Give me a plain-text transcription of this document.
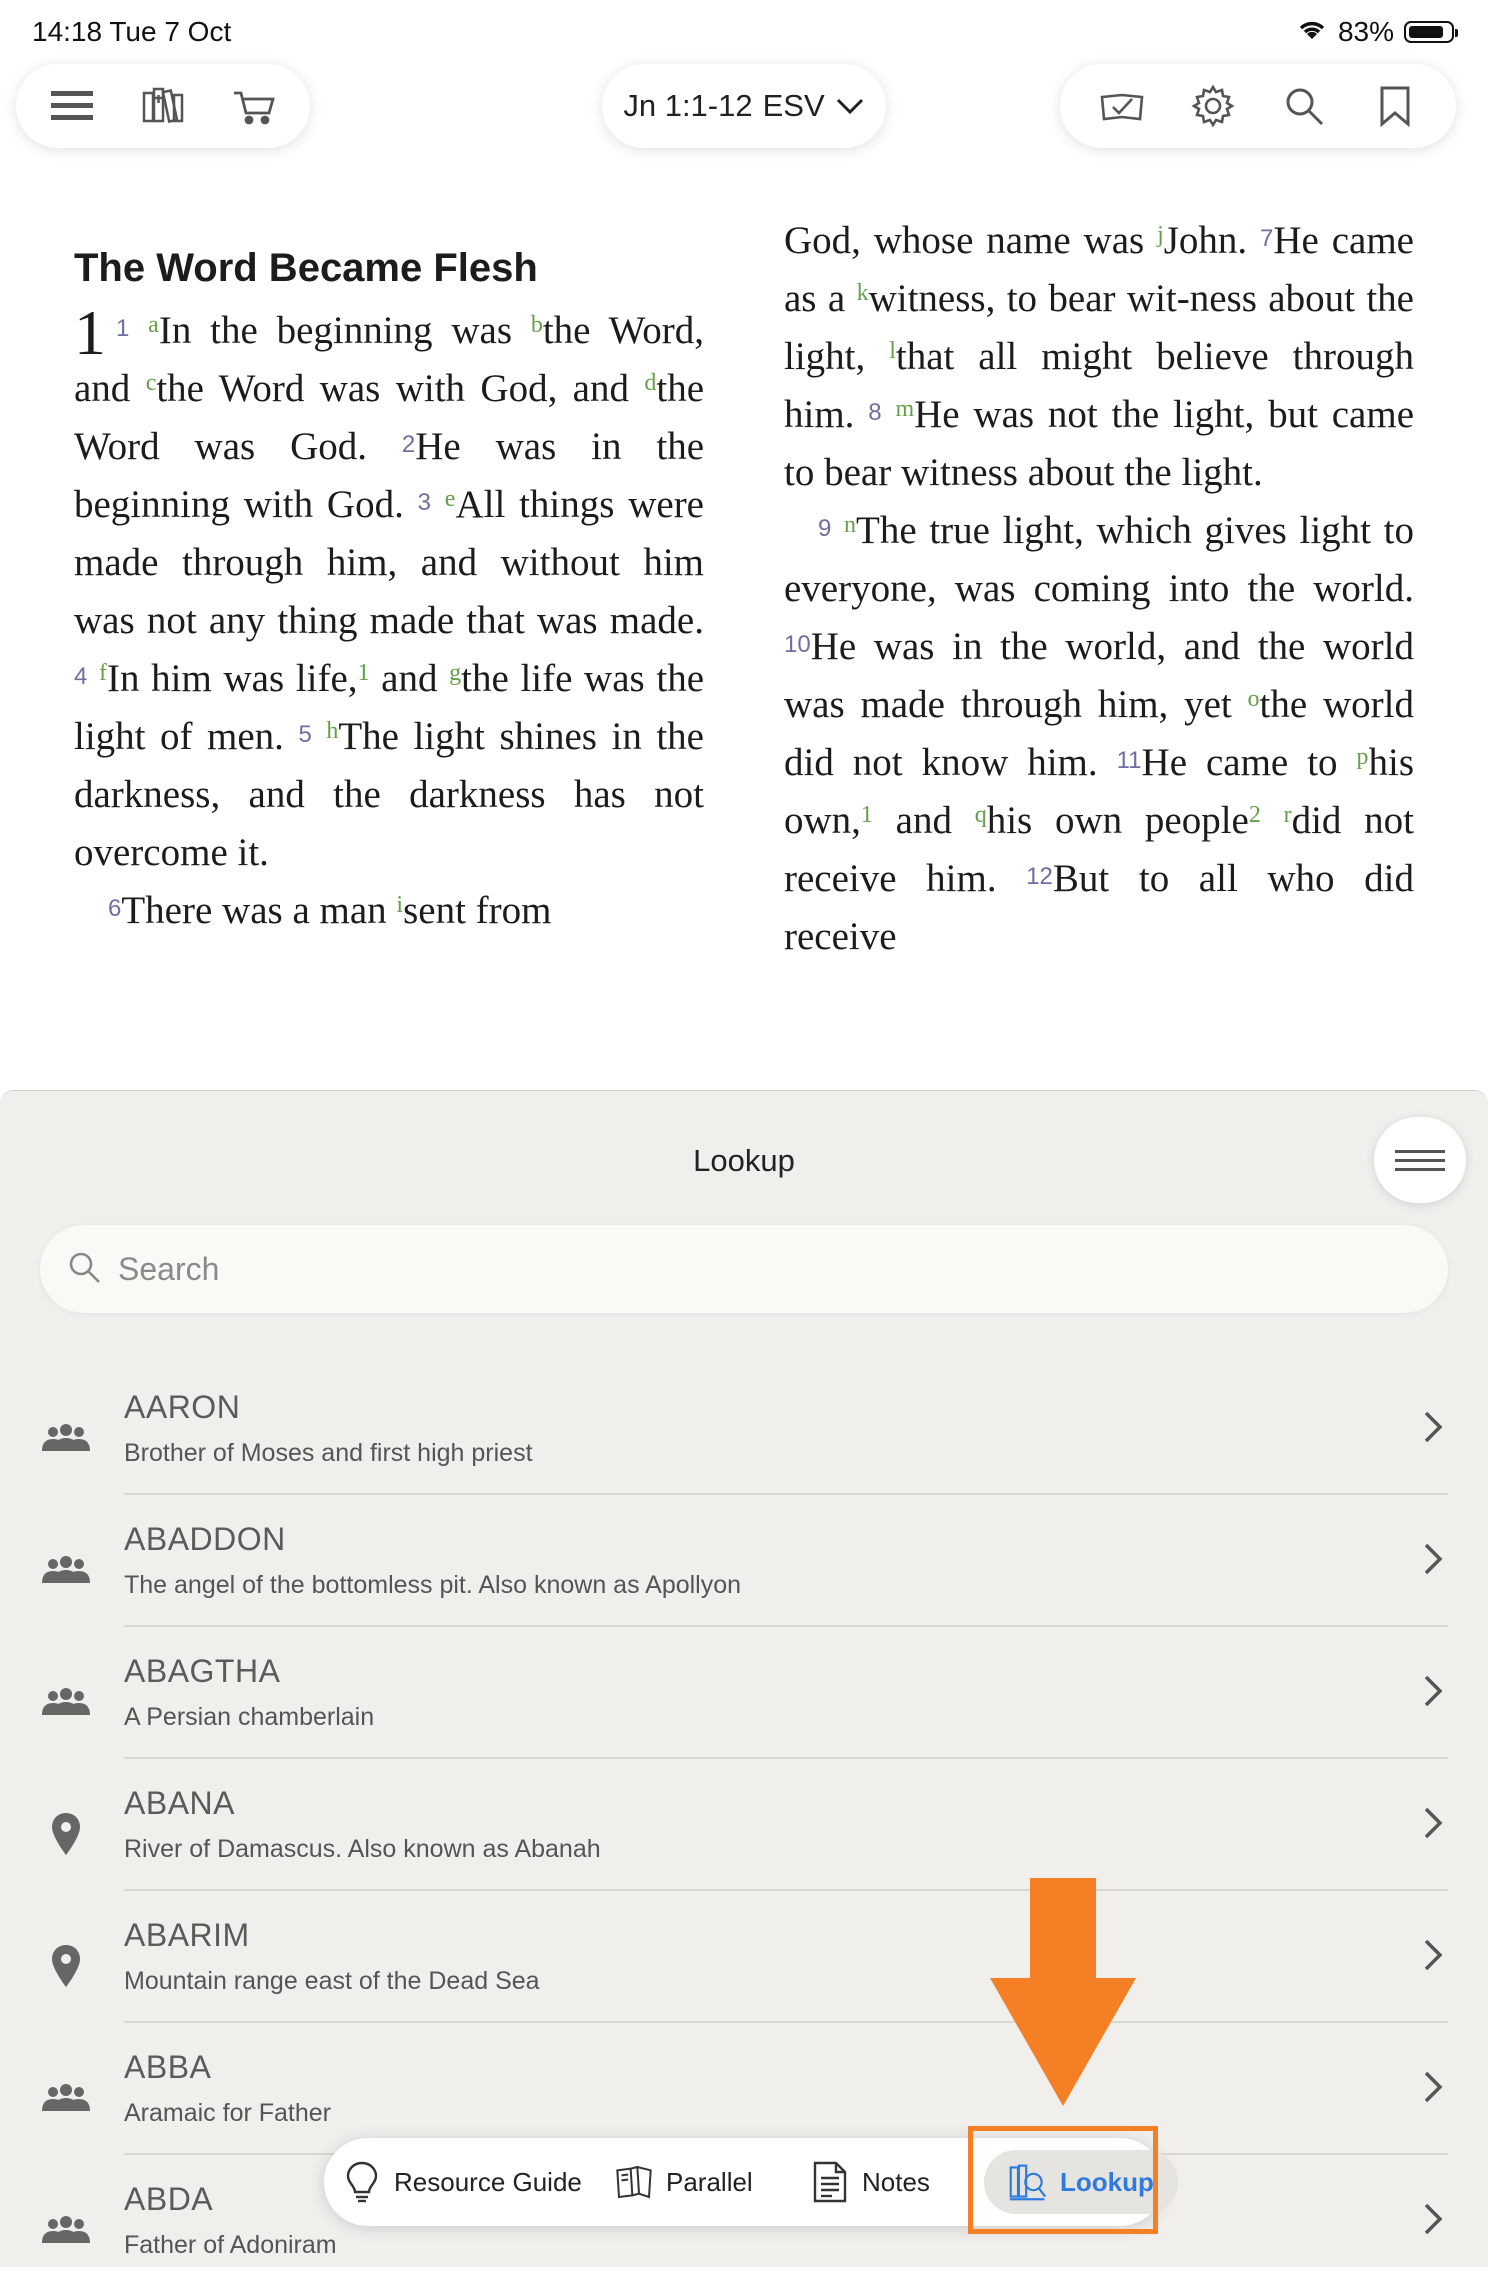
14:18 Tue 7 Oct	83%
Jn 1:1-12 ESV
The Word Became Flesh
1 $^1$ $^a$In the beginning was $^b$the Word, and $^c$the Word was with God, and $^d$the Word was God. $^2$He was in the beginning with God. $^3$ $^e$All things were made through him, and without him was not any thing made that was made. $^4$ $^f$In him was life,$^1$ and $^g$the life was the light of men. $^5$ $^h$The light shines in the darkness, and the darkness has not overcome it.
$^6$There was a man $^i$sent from
God, whose name was $^j$John. $^7$He came as a $^k$witness, to bear wit-ness about the light, $^l$that all might believe through him. $^8$ $^m$He was not the light, but came to bear witness about the light.
$^9$ $^n$The true light, which gives light to everyone, was coming into the world. $^{10}$He was in the world, and the world was made through him, yet $^o$the world did not know him. $^{11}$He came to $^p$his own,$^1$ and $^q$his own people$^2$ $^r$did not receive him. $^{12}$But to all who did receive
Lookup
Search
AARON
Brother of Moses and first high priest
ABADDON
The angel of the bottomless pit. Also known as Apollyon
ABAGTHA
A Persian chamberlain
ABANA
River of Damascus. Also known as Abanah
ABARIM
Mountain range east of the Dead Sea
ABBA
Aramaic for Father
ABDA
Father of Adoniram
Resource Guide	Parallel	Notes	Lookup
